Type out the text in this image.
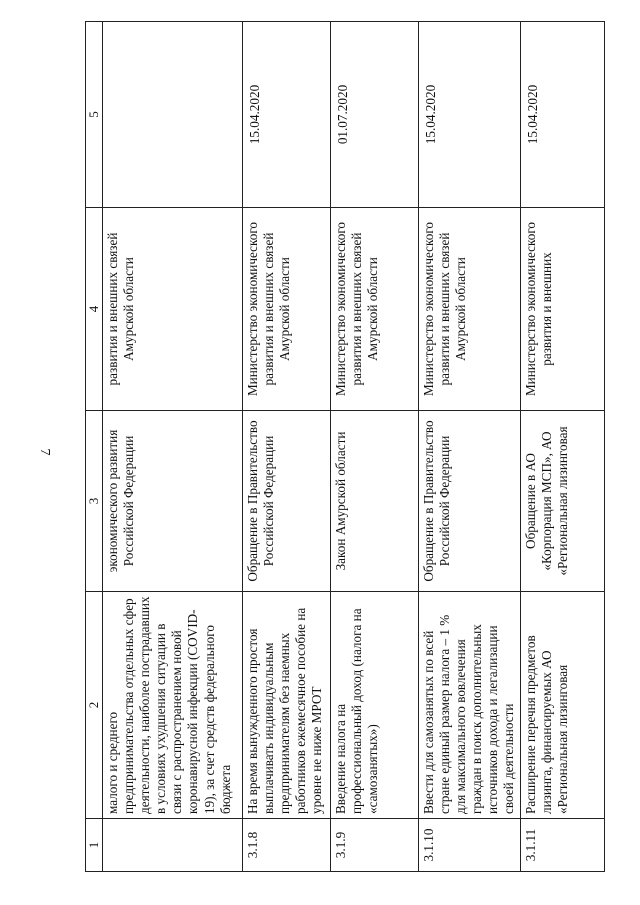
7
1	2	3	4	5
	малого и среднего предпринимательства отдельных сфер деятельности, наиболее пострадавших в условиях ухудшения ситуации в связи с распространением новой коронавирусной инфекции (COVID-19), за счет средств федерального бюджета	экономического развития Российской Федерации	развития и внешних связей Амурской области	
3.1.8	На время вынужденного простоя выплачивать индивидуальным предпринимателям без наемных работников ежемесячное пособие на уровне не ниже МРОТ	Обращение в Правительство Российской Федерации	Министерство экономического развития и внешних связей Амурской области	15.04.2020
3.1.9	Введение налога на профессиональный доход (налога на «самозанятых»)	Закон Амурской области	Министерство экономического развития и внешних связей Амурской области	01.07.2020
3.1.10	Ввести для самозанятых по всей стране единый размер налога – 1 % для максимального вовлечения граждан в поиск дополнительных источников дохода и легализации своей деятельности	Обращение в Правительство Российской Федерации	Министерство экономического развития и внешних связей Амурской области	15.04.2020
3.1.11	Расширение перечня предметов лизинга, финансируемых АО «Региональная лизинговая	Обращение в АО «Корпорация МСП», АО «Региональная лизинговая	Министерство экономического развития и внешних	15.04.2020
